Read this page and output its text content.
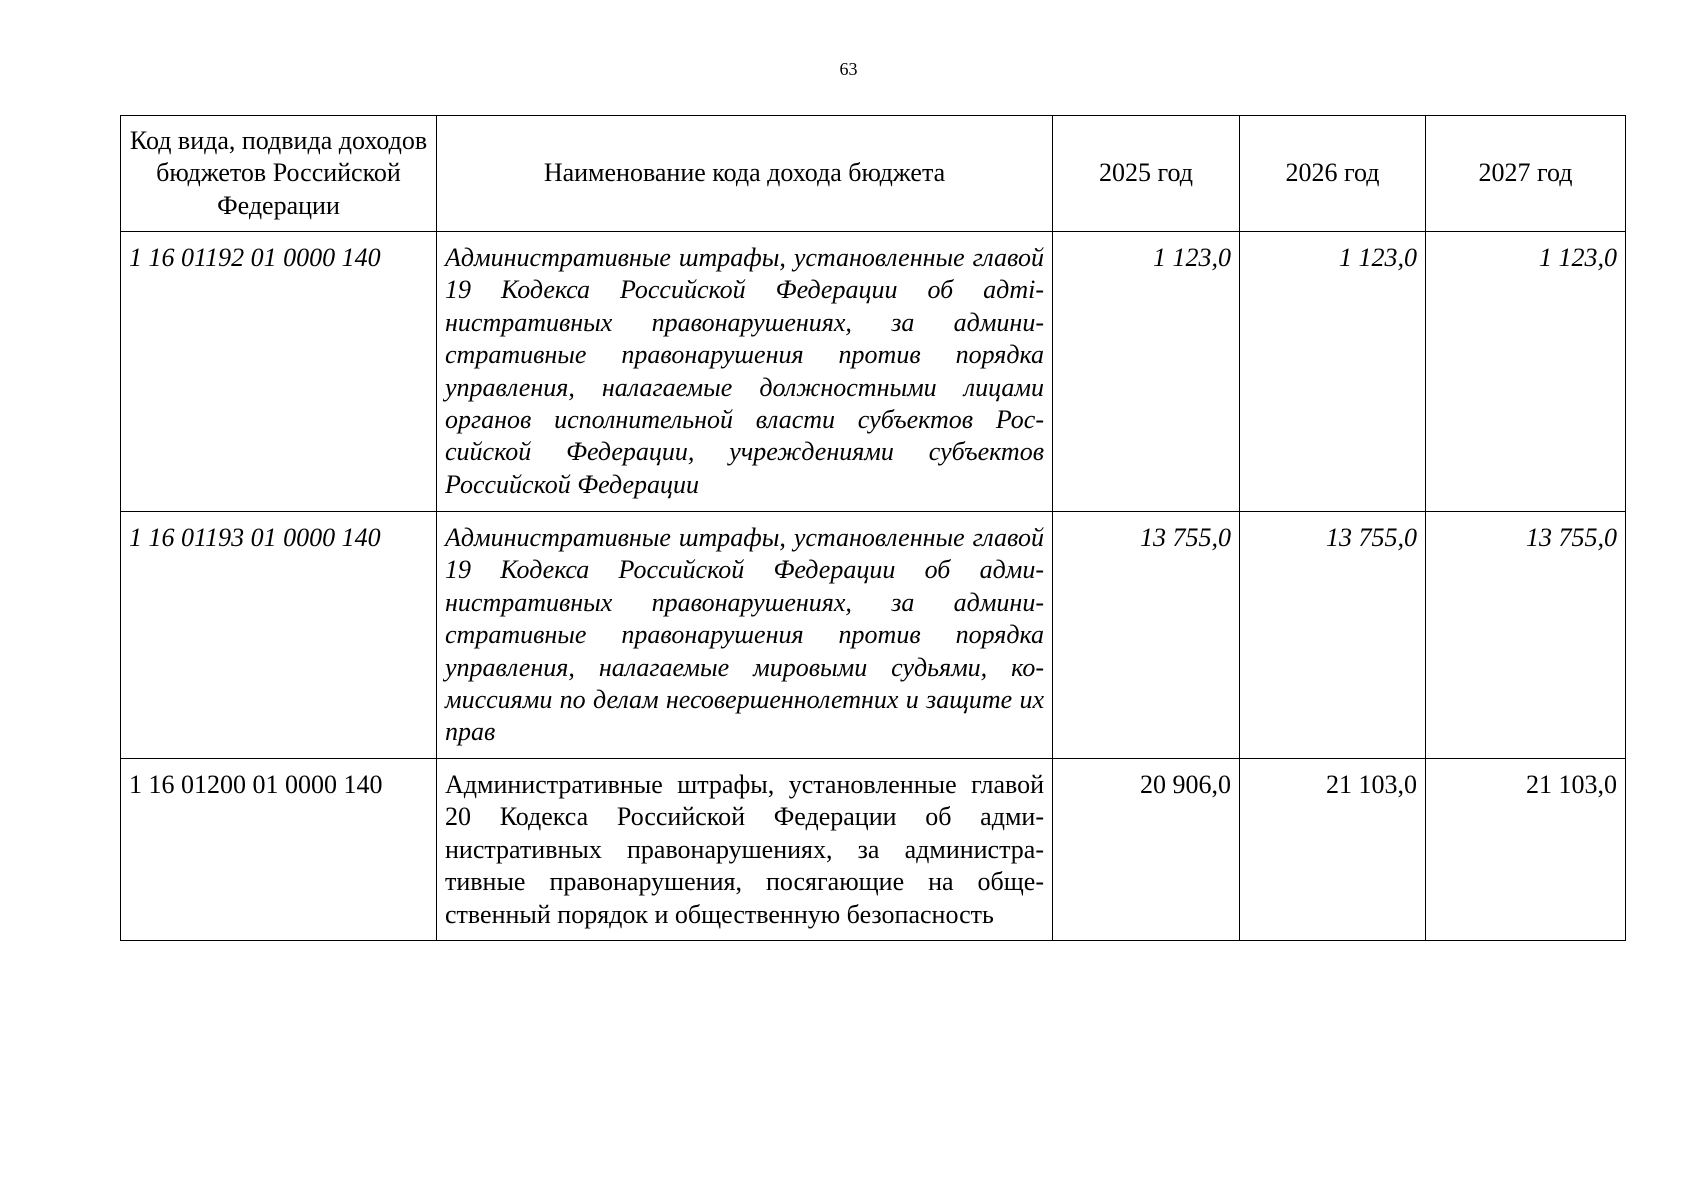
63
Код вида, подвида доходов бюджетов Российской Федерации	Наименование кода дохода бюджета	2025 год	2026 год	2027 год
1 16 01192 01 0000 140	Административные штрафы, установленные главой 19 Кодекса Российской Федерации об адmiнистративных правонарушениях, за административные правонарушения против порядка управления, налагаемые должностными лицами органов исполнительной власти субъектов Российской Федерации, учреждениями субъектов Российской Федерации	1 123,0	1 123,0	1 123,0
1 16 01193 01 0000 140	Административные штрафы, установленные главой 19 Кодекса Российской Федерации об административных правонарушениях, за административные правонарушения против порядка управления, налагаемые мировыми судьями, комиссиями по делам несовершеннолетних и защите их прав	13 755,0	13 755,0	13 755,0
1 16 01200 01 0000 140	Административные штрафы, установленные главой 20 Кодекса Российской Федерации об административных правонарушениях, за административные правонарушения, посягающие на общественный порядок и общественную безопасность	20 906,0	21 103,0	21 103,0
